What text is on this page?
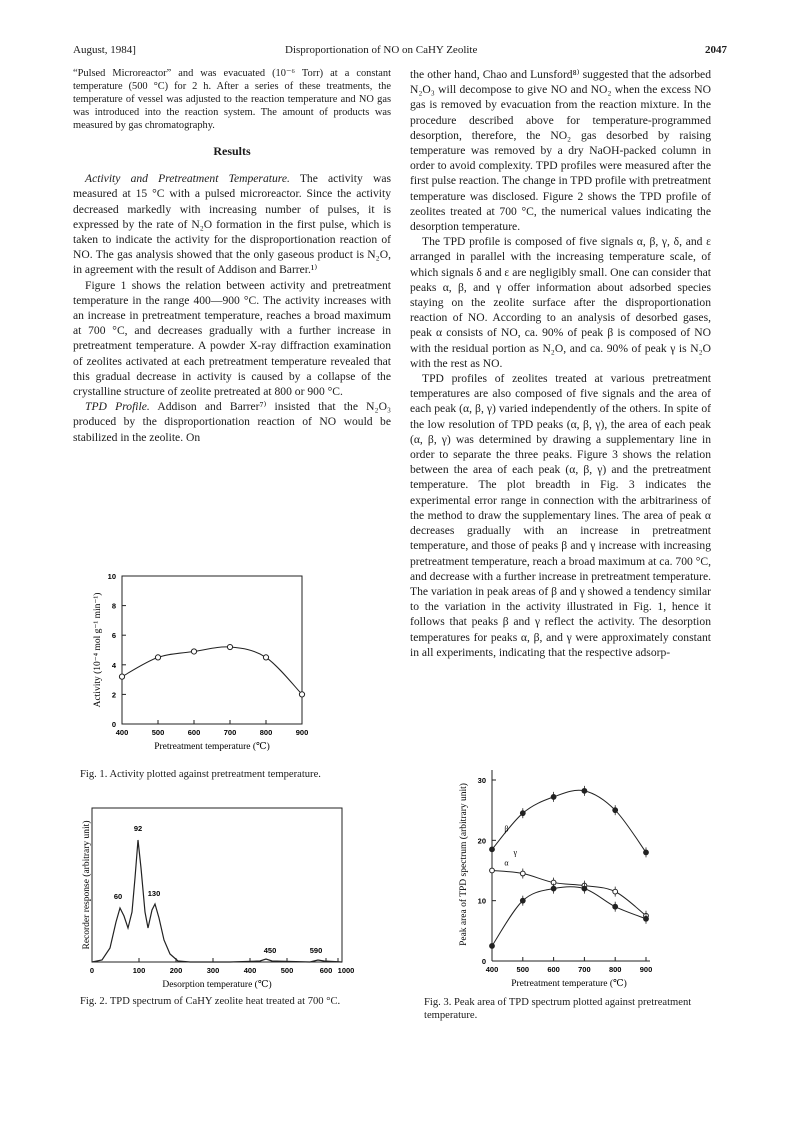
August, 1984]	Disproportionation of NO on CaHY Zeolite	2047

“Pulsed Microreactor” and was evacuated (10⁻⁶ Torr) at a constant temperature (500 °C) for 2 h. After a series of these treatments, the temperature of vessel was adjusted to the reaction temperature and NO gas was introduced into the reaction system. The amount of products was measured by gas chromatography.

Results

Activity and Pretreatment Temperature. The activity was measured at 15 °C with a pulsed microreactor. Since the activity decreased markedly with increasing number of pulses, it is expressed by the rate of N₂O formation in the first pulse, which is taken to indicate the activity for the disproportionation reaction of NO. The gas analysis showed that the only gaseous product is N₂O, in agreement with the result of Addison and Barrer.¹⁾

Figure 1 shows the relation between activity and pretreatment temperature in the range 400—900 °C. The activity increases with an increase in pretreatment temperature, reaches a broad maximum at 700 °C, and decreases gradually with a further increase in pretreatment temperature. A powder X-ray diffraction examination of zeolites activated at each pretreatment temperature revealed that this gradual decrease in activity is caused by a collapse of the crystalline structure of zeolite pretreated at 800 or 900 °C.

TPD Profile. Addison and Barrer⁷⁾ insisted that the N₂O₃ produced by the disproportionation reaction of NO would be stabilized in the zeolite. On

the other hand, Chao and Lunsford⁸⁾ suggested that the adsorbed N₂O₃ will decompose to give NO and NO₂ when the excess NO gas is removed by evacuation from the reaction mixture. In the procedure described above for temperature-programmed desorption, therefore, the NO₂ gas desorbed by raising temperature was removed by a dry NaOH-packed column in order to avoid complexity. TPD profiles were measured after the first pulse reaction. The change in TPD profile with pretreatment temperature was disclosed. Figure 2 shows the TPD profile of zeolites treated at 700 °C, the numerical values indicating the desorption temperature.

The TPD profile is composed of five signals α, β, γ, δ, and ε arranged in parallel with the increasing temperature scale, of which signals δ and ε are negligibly small. One can consider that peaks α, β, and γ offer information about adsorbed species staying on the zeolite surface after the disproportionation reaction of NO. According to an analysis of desorbed gases, peak α consists of NO, ca. 90% of peak β is composed of NO with the residual portion as N₂O, and ca. 90% of peak γ is N₂O with the rest as NO.

TPD profiles of zeolites treated at various pretreatment temperatures are also composed of five signals and the area of each peak (α, β, γ) varied independently of the others. In spite of the low resolution of TPD peaks (α, β, γ), the area of each peak (α, β, γ) was determined by drawing a supplementary line in order to separate the three peaks. Figure 3 shows the relation between the area of each peak (α, β, γ) and the pretreatment temperature. The plot breadth in Fig. 3 indicates the experimental error range in connection with the arbitrariness of the method to draw the supplementary lines. The area of peak α decreases gradually with an increase in pretreatment temperature, and those of peaks β and γ increase with increasing pretreatment temperature, reach a broad maximum at ca. 700 °C, and decrease with a further increase in pretreatment temperature. The variation in peak areas of β and γ showed a tendency similar to the variation in the activity illustrated in Fig. 1, hence it follows that peaks β and γ reflect the activity. The desorption temperatures for peaks α, β, and γ were approximately constant in all experiments, indicating that the respective adsorp-

0
2
4
6
8
10
400	500	600	700	800	900
Pretreatment temperature (℃)
Activity (10⁻⁴ mol g⁻¹ min⁻¹)
Fig. 1. Activity plotted against pretreatment temperature.
0	100	200	300	400	500	600 1000
60
92
130
450	590
Desorption temperature (℃)
Recorder response (arbitrary unit)
Fig. 2. TPD spectrum of CaHY zeolite heat treated at 700 °C.
0
10
20
30
400 500 600 700 800 900
α
β
γ
Pretreatment temperature (℃)
Peak area of TPD spectrum (arbitrary unit)
Fig. 3. Peak area of TPD spectrum plotted against pretreatment temperature.
